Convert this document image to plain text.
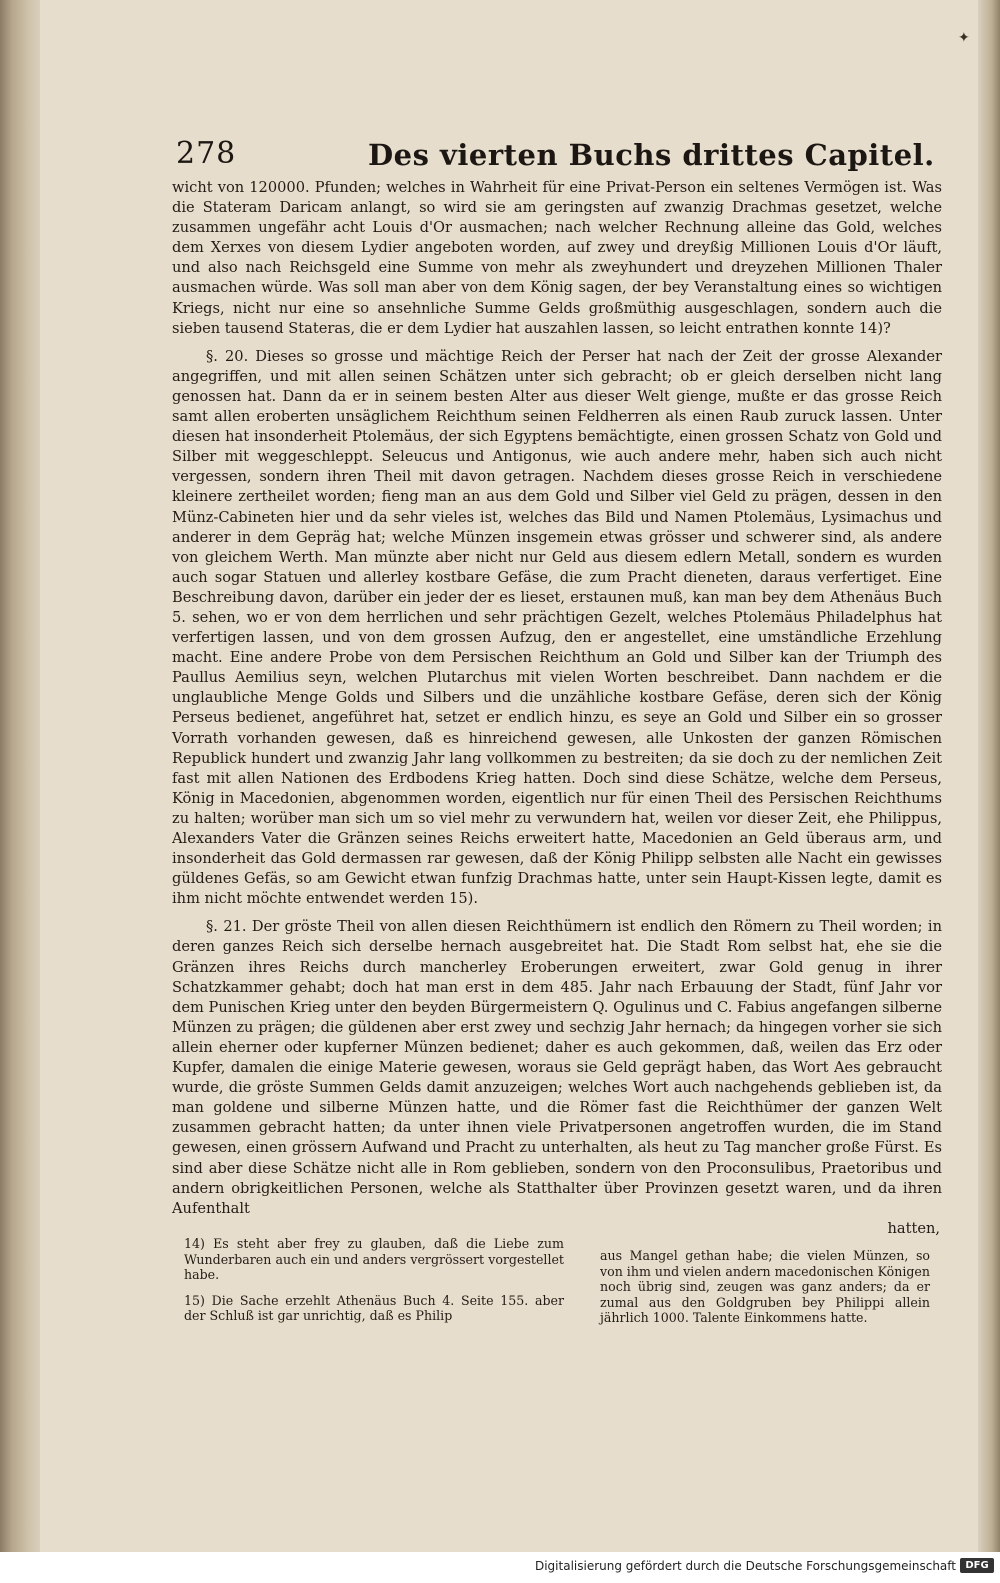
✦
278	Des vierten Buchs drittes Capitel.

wicht von 120000. Pfunden; welches in Wahrheit für eine Privat-Person ein seltenes Vermögen ist. Was die Stateram Daricam anlangt, so wird sie am geringsten auf zwanzig Drachmas gesetzet, welche zusammen ungefähr acht Louis d'Or ausmachen; nach welcher Rechnung alleine das Gold, welches dem Xerxes von diesem Lydier angeboten worden, auf zwey und dreyßig Millionen Louis d'Or läuft, und also nach Reichsgeld eine Summe von mehr als zweyhundert und dreyzehen Millionen Thaler ausmachen würde. Was soll man aber von dem König sagen, der bey Veranstaltung eines so wichtigen Kriegs, nicht nur eine so ansehnliche Summe Gelds großmüthig ausgeschlagen, sondern auch die sieben tausend Stateras, die er dem Lydier hat auszahlen lassen, so leicht entrathen konnte 14)?

§. 20. Dieses so grosse und mächtige Reich der Perser hat nach der Zeit der grosse Alexander angegriffen, und mit allen seinen Schätzen unter sich gebracht; ob er gleich derselben nicht lang genossen hat. Dann da er in seinem besten Alter aus dieser Welt gienge, mußte er das grosse Reich samt allen eroberten unsäglichem Reichthum seinen Feldherren als einen Raub zuruck lassen. Unter diesen hat insonderheit Ptolemäus, der sich Egyptens bemächtigte, einen grossen Schatz von Gold und Silber mit weggeschleppt. Seleucus und Antigonus, wie auch andere mehr, haben sich auch nicht vergessen, sondern ihren Theil mit davon getragen. Nachdem dieses grosse Reich in verschiedene kleinere zertheilet worden; fieng man an aus dem Gold und Silber viel Geld zu prägen, dessen in den Münz-Cabineten hier und da sehr vieles ist, welches das Bild und Namen Ptolemäus, Lysimachus und anderer in dem Gepräg hat; welche Münzen insgemein etwas grösser und schwerer sind, als andere von gleichem Werth. Man münzte aber nicht nur Geld aus diesem edlern Metall, sondern es wurden auch sogar Statuen und allerley kostbare Gefäse, die zum Pracht dieneten, daraus verfertiget. Eine Beschreibung davon, darüber ein jeder der es lieset, erstaunen muß, kan man bey dem Athenäus Buch 5. sehen, wo er von dem herrlichen und sehr prächtigen Gezelt, welches Ptolemäus Philadelphus hat verfertigen lassen, und von dem grossen Aufzug, den er angestellet, eine umständliche Erzehlung macht. Eine andere Probe von dem Persischen Reichthum an Gold und Silber kan der Triumph des Paullus Aemilius seyn, welchen Plutarchus mit vielen Worten beschreibet. Dann nachdem er die unglaubliche Menge Golds und Silbers und die unzähliche kostbare Gefäse, deren sich der König Perseus bedienet, angeführet hat, setzet er endlich hinzu, es seye an Gold und Silber ein so grosser Vorrath vorhanden gewesen, daß es hinreichend gewesen, alle Unkosten der ganzen Römischen Republick hundert und zwanzig Jahr lang vollkommen zu bestreiten; da sie doch zu der nemlichen Zeit fast mit allen Nationen des Erdbodens Krieg hatten. Doch sind diese Schätze, welche dem Perseus, König in Macedonien, abgenommen worden, eigentlich nur für einen Theil des Persischen Reichthums zu halten; worüber man sich um so viel mehr zu verwundern hat, weilen vor dieser Zeit, ehe Philippus, Alexanders Vater die Gränzen seines Reichs erweitert hatte, Macedonien an Geld überaus arm, und insonderheit das Gold dermassen rar gewesen, daß der König Philipp selbsten alle Nacht ein gewisses güldenes Gefäs, so am Gewicht etwan funfzig Drachmas hatte, unter sein Haupt-Kissen legte, damit es ihm nicht möchte entwendet werden 15).

§. 21. Der gröste Theil von allen diesen Reichthümern ist endlich den Römern zu Theil worden; in deren ganzes Reich sich derselbe hernach ausgebreitet hat. Die Stadt Rom selbst hat, ehe sie die Gränzen ihres Reichs durch mancherley Eroberungen erweitert, zwar Gold genug in ihrer Schatzkammer gehabt; doch hat man erst in dem 485. Jahr nach Erbauung der Stadt, fünf Jahr vor dem Punischen Krieg unter den beyden Bürgermeistern Q. Ogulinus und C. Fabius angefangen silberne Münzen zu prägen; die güldenen aber erst zwey und sechzig Jahr hernach; da hingegen vorher sie sich allein eherner oder kupferner Münzen bedienet; daher es auch gekommen, daß, weilen das Erz oder Kupfer, damalen die einige Materie gewesen, woraus sie Geld geprägt haben, das Wort Aes gebraucht wurde, die gröste Summen Gelds damit anzuzeigen; welches Wort auch nachgehends geblieben ist, da man goldene und silberne Münzen hatte, und die Römer fast die Reichthümer der ganzen Welt zusammen gebracht hatten; da unter ihnen viele Privatpersonen angetroffen wurden, die im Stand gewesen, einen grössern Aufwand und Pracht zu unterhalten, als heut zu Tag mancher große Fürst. Es sind aber diese Schätze nicht alle in Rom geblieben, sondern von den Proconsulibus, Praetoribus und andern obrigkeitlichen Personen, welche als Statthalter über Provinzen gesetzt waren, und da ihren Aufenthalt

hatten,

14) Es steht aber frey zu glauben, daß die Liebe zum Wunderbaren auch ein und anders vergrössert vorgestellet habe.

15) Die Sache erzehlt Athenäus Buch 4. Seite 155. aber der Schluß ist gar unrichtig, daß es Philip

aus Mangel gethan habe; die vielen Münzen, so von ihm und vielen andern macedonischen Königen noch übrig sind, zeugen was ganz anders; da er zumal aus den Goldgruben bey Philippi allein jährlich 1000. Talente Einkommens hatte.

Digitalisierung gefördert durch die Deutsche Forschungsgemeinschaft DFG
